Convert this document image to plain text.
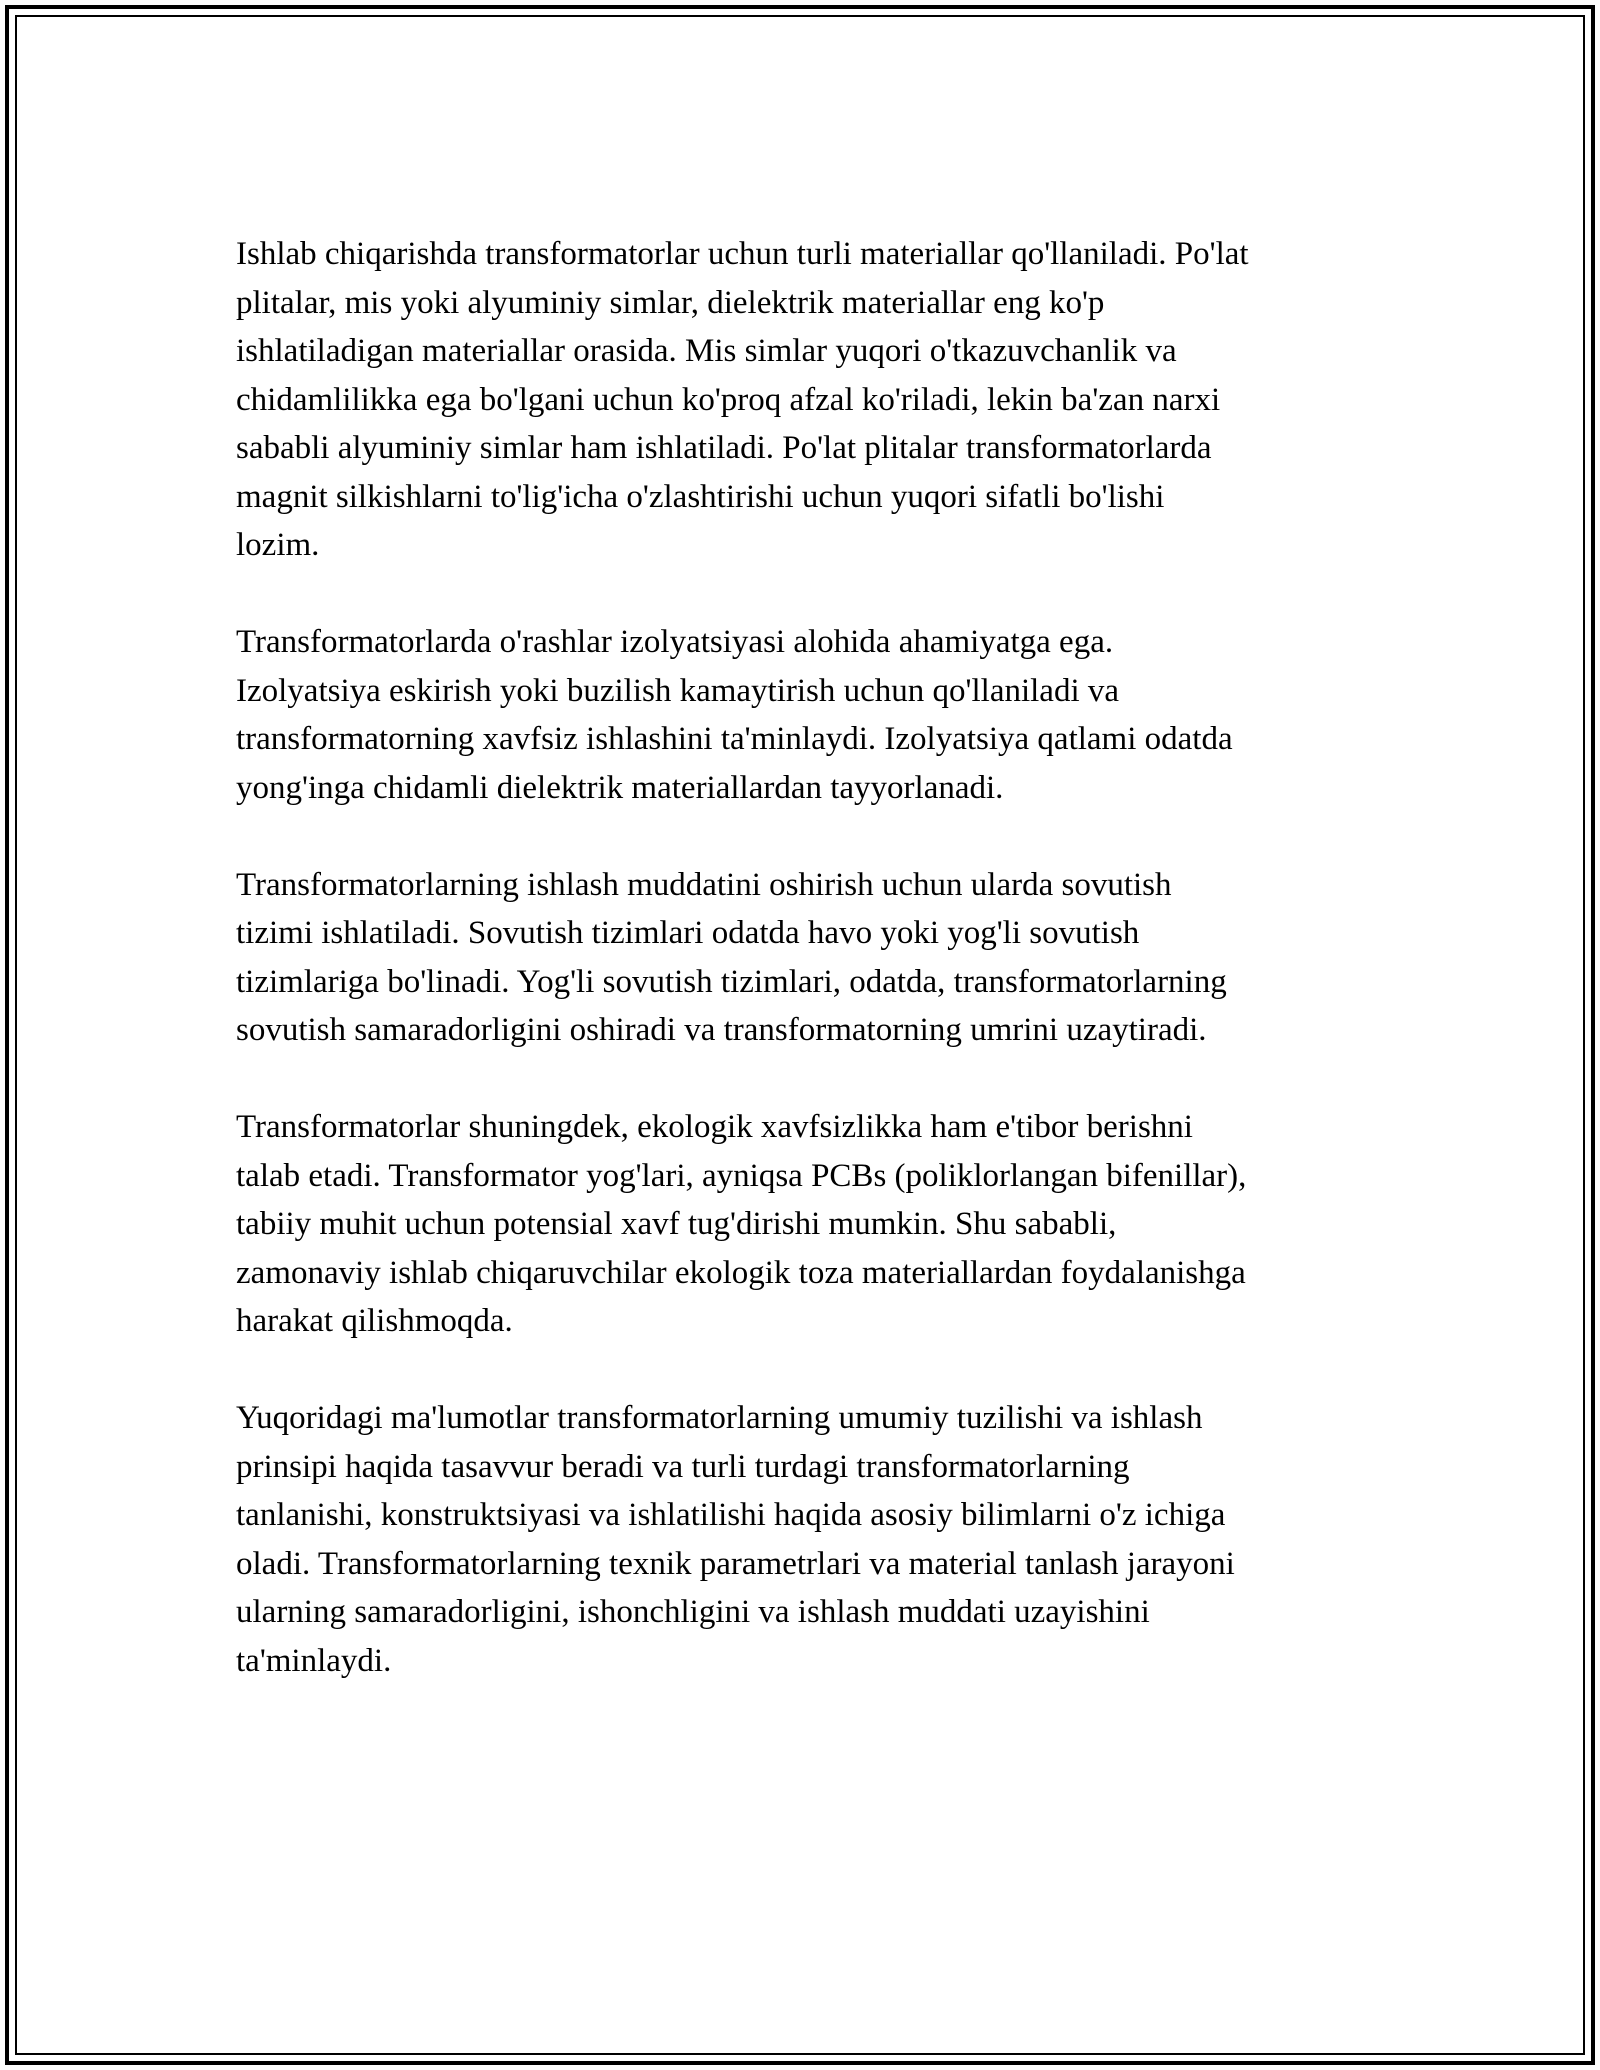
Ishlab chiqarishda transformatorlar uchun turli materiallar qo'llaniladi. Po'lat
plitalar, mis yoki alyuminiy simlar, dielektrik materiallar eng ko'p
ishlatiladigan materiallar orasida. Mis simlar yuqori o'tkazuvchanlik va
chidamlilikka ega bo'lgani uchun ko'proq afzal ko'riladi, lekin ba'zan narxi
sababli alyuminiy simlar ham ishlatiladi. Po'lat plitalar transformatorlarda
magnit silkishlarni to'lig'icha o'zlashtirishi uchun yuqori sifatli bo'lishi
lozim.

Transformatorlarda o'rashlar izolyatsiyasi alohida ahamiyatga ega.
Izolyatsiya eskirish yoki buzilish kamaytirish uchun qo'llaniladi va
transformatorning xavfsiz ishlashini ta'minlaydi. Izolyatsiya qatlami odatda
yong'inga chidamli dielektrik materiallardan tayyorlanadi.

Transformatorlarning ishlash muddatini oshirish uchun ularda sovutish
tizimi ishlatiladi. Sovutish tizimlari odatda havo yoki yog'li sovutish
tizimlariga bo'linadi. Yog'li sovutish tizimlari, odatda, transformatorlarning
sovutish samaradorligini oshiradi va transformatorning umrini uzaytiradi.

Transformatorlar shuningdek, ekologik xavfsizlikka ham e'tibor berishni
talab etadi. Transformator yog'lari, ayniqsa PCBs (poliklorlangan bifenillar),
tabiiy muhit uchun potensial xavf tug'dirishi mumkin. Shu sababli,
zamonaviy ishlab chiqaruvchilar ekologik toza materiallardan foydalanishga
harakat qilishmoqda.

Yuqoridagi ma'lumotlar transformatorlarning umumiy tuzilishi va ishlash
prinsipi haqida tasavvur beradi va turli turdagi transformatorlarning
tanlanishi, konstruktsiyasi va ishlatilishi haqida asosiy bilimlarni o'z ichiga
oladi. Transformatorlarning texnik parametrlari va material tanlash jarayoni
ularning samaradorligini, ishonchligini va ishlash muddati uzayishini
ta'minlaydi.
